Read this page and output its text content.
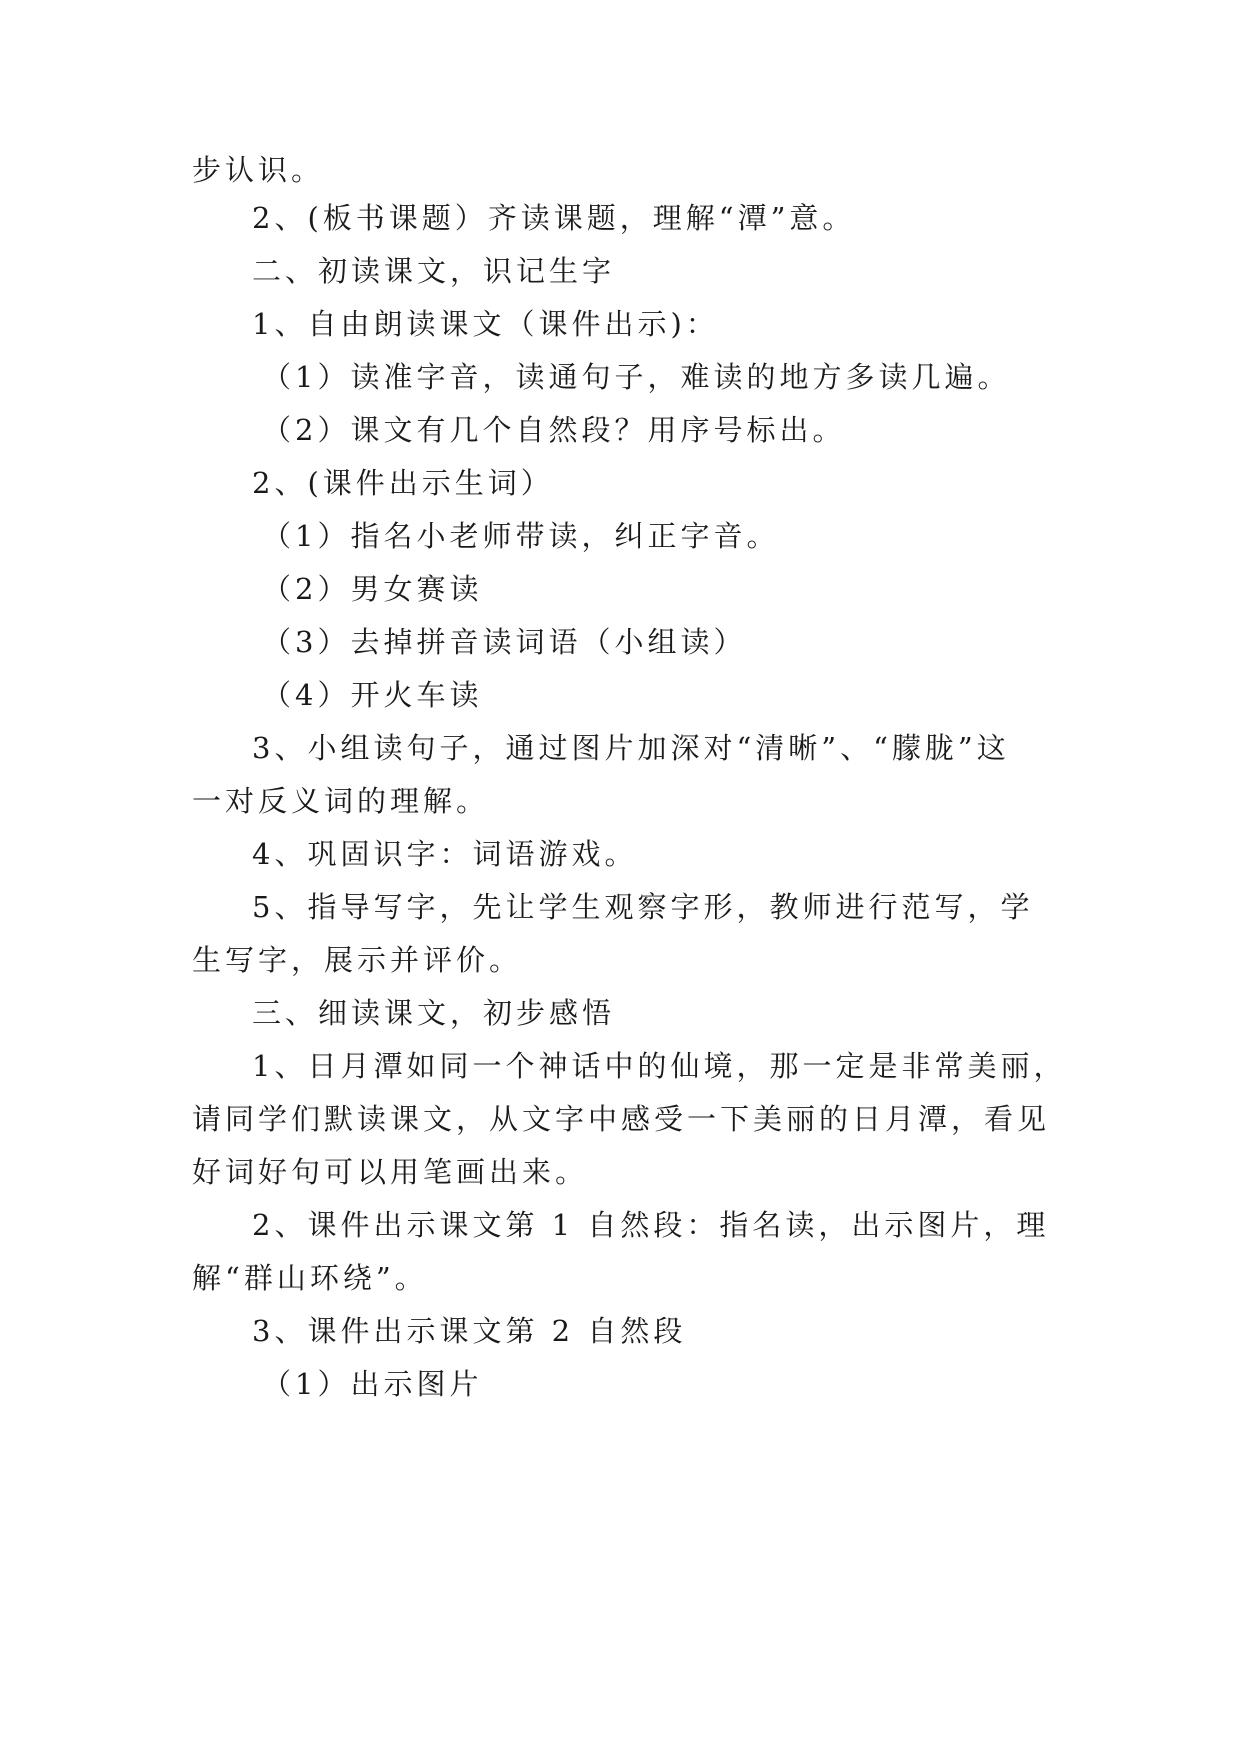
步认识。
2、(板书课题）齐读课题，理解“潭”意。
二、初读课文，识记生字
1、自由朗读课文（课件出示)：
（1）读准字音，读通句子，难读的地方多读几遍。
（2）课文有几个自然段？用序号标出。
2、(课件出示生词）
（1）指名小老师带读，纠正字音。
（2）男女赛读
（3）去掉拼音读词语（小组读）
（4）开火车读
3、小组读句子，通过图片加深对“清晰”、“朦胧”这
一对反义词的理解。
4、巩固识字：词语游戏。
5、指导写字，先让学生观察字形，教师进行范写，学
生写字，展示并评价。
三、细读课文，初步感悟
1、日月潭如同一个神话中的仙境，那一定是非常美丽，
请同学们默读课文，从文字中感受一下美丽的日月潭，看见
好词好句可以用笔画出来。
2、课件出示课文第 1 自然段：指名读，出示图片，理
解“群山环绕”。
3、课件出示课文第 2 自然段
（1）出示图片
